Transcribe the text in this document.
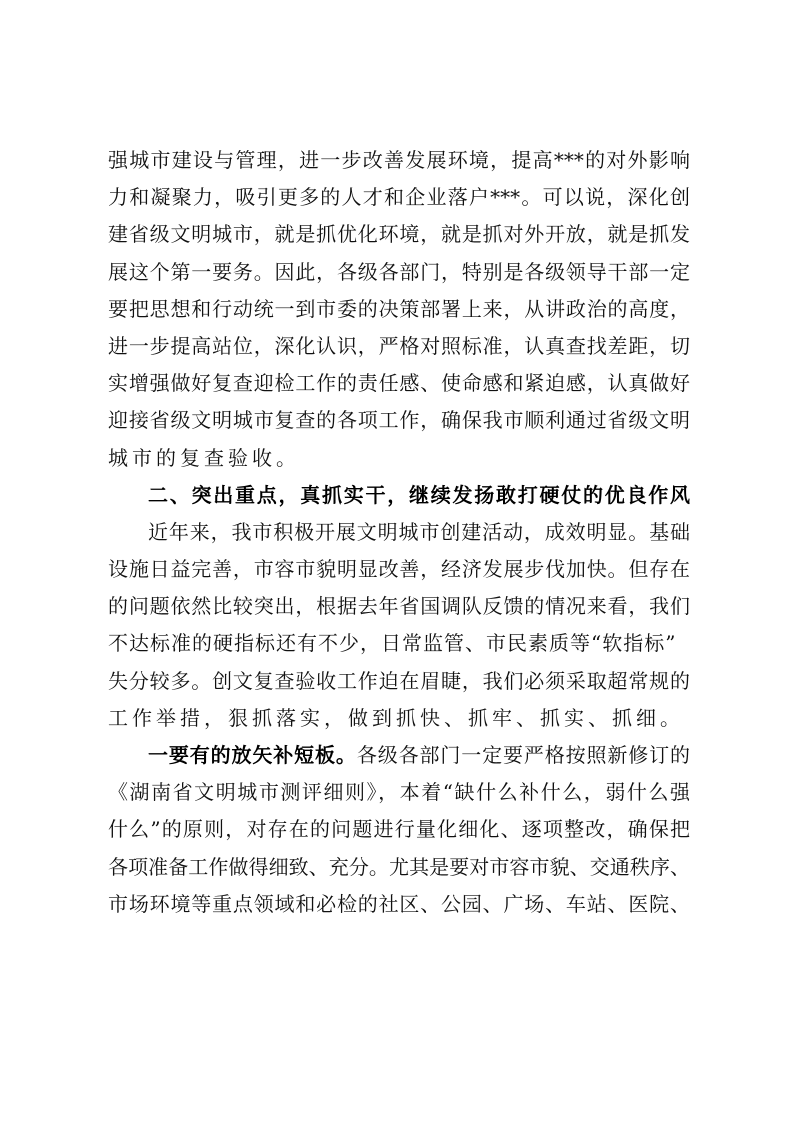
强城市建设与管理，进一步改善发展环境，提高***的对外影响
力和凝聚力，吸引更多的人才和企业落户***。可以说，深化创
建省级文明城市，就是抓优化环境，就是抓对外开放，就是抓发
展这个第一要务。因此，各级各部门，特别是各级领导干部一定
要把思想和行动统一到市委的决策部署上来，从讲政治的高度，
进一步提高站位，深化认识，严格对照标准，认真查找差距，切
实增强做好复查迎检工作的责任感、使命感和紧迫感，认真做好
迎接省级文明城市复查的各项工作，确保我市顺利通过省级文明
城市的复查验收。
二、突出重点，真抓实干，继续发扬敢打硬仗的优良作风
近年来，我市积极开展文明城市创建活动，成效明显。基础
设施日益完善，市容市貌明显改善，经济发展步伐加快。但存在
的问题依然比较突出，根据去年省国调队反馈的情况来看，我们
不达标准的硬指标还有不少，日常监管、市民素质等“软指标”
失分较多。创文复查验收工作迫在眉睫，我们必须采取超常规的
工作举措，狠抓落实，做到抓快、抓牢、抓实、抓细。
一要有的放矢补短板。各级各部门一定要严格按照新修订的
《湖南省文明城市测评细则》，本着“缺什么补什么，弱什么强
什么”的原则，对存在的问题进行量化细化、逐项整改，确保把
各项准备工作做得细致、充分。尤其是要对市容市貌、交通秩序、
市场环境等重点领域和必检的社区、公园、广场、车站、医院、
